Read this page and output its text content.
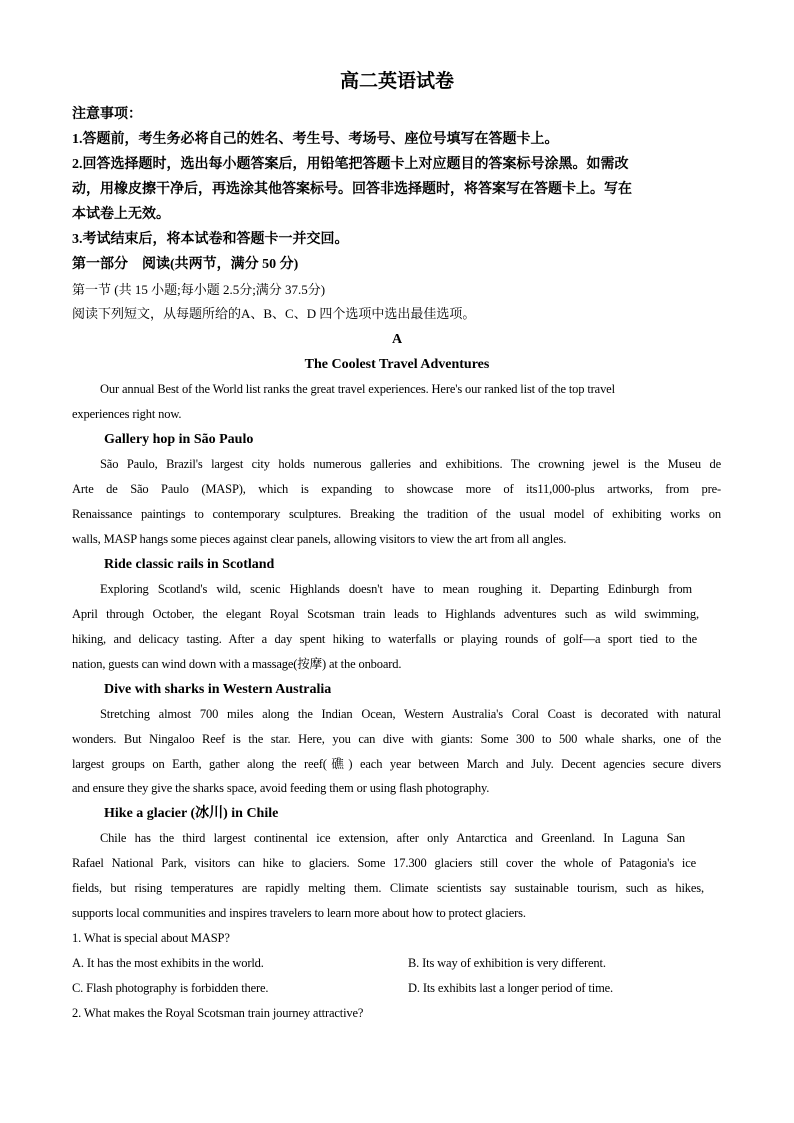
高二英语试卷
注意事项：
1.答题前，考生务必将自己的姓名、考生号、考场号、座位号填写在答题卡上。
2.回答选择题时，选出每小题答案后，用铅笔把答题卡上对应题目的答案标号涂黑。如需改
动，用橡皮擦干净后，再选涂其他答案标号。回答非选择题时，将答案写在答题卡上。写在
本试卷上无效。
3.考试结束后，将本试卷和答题卡一并交回。
第一部分　阅读(共两节，满分 50 分)
第一节 (共 15 小题;每小题 2.5分;满分 37.5分)
阅读下列短文，从每题所给的A、B、C、D 四个选项中选出最佳选项。
A
The Coolest Travel Adventures
Our annual Best of the World list ranks the great travel experiences. Here's our ranked list of the top travel
experiences right now.
Gallery hop in São Paulo
São Paulo, Brazil's largest city holds numerous galleries and exhibitions. The crowning jewel is the Museu de
Arte de São Paulo (MASP), which is expanding to showcase more of its11,000-plus artworks, from pre-
Renaissance paintings to contemporary sculptures. Breaking the tradition of the usual model of exhibiting works on
walls, MASP hangs some pieces against clear panels, allowing visitors to view the art from all angles.
Ride classic rails in Scotland
Exploring Scotland's wild, scenic Highlands doesn't have to mean roughing it. Departing Edinburgh from
April through October, the elegant Royal Scotsman train leads to Highlands adventures such as wild swimming,
hiking, and delicacy tasting. After a day spent hiking to waterfalls or playing rounds of golf—a sport tied to the
nation, guests can wind down with a massage(按摩) at the onboard.
Dive with sharks in Western Australia
Stretching almost 700 miles along the Indian Ocean, Western Australia's Coral Coast is decorated with natural
wonders. But Ningaloo Reef is the star. Here, you can dive with giants: Some 300 to 500 whale sharks, one of the
largest groups on Earth, gather along the reef(礁) each year between March and July. Decent agencies secure divers
and ensure they give the sharks space, avoid feeding them or using flash photography.
Hike a glacier (冰川) in Chile
Chile has the third largest continental ice extension, after only Antarctica and Greenland. In Laguna San
Rafael National Park, visitors can hike to glaciers. Some 17.300 glaciers still cover the whole of Patagonia's ice
fields, but rising temperatures are rapidly melting them. Climate scientists say sustainable tourism, such as hikes,
supports local communities and inspires travelers to learn more about how to protect glaciers.
1. What is special about MASP?
A. It has the most exhibits in the world.	B. Its way of exhibition is very different.
C. Flash photography is forbidden there.	D. Its exhibits last a longer period of time.
2. What makes the Royal Scotsman train journey attractive?
